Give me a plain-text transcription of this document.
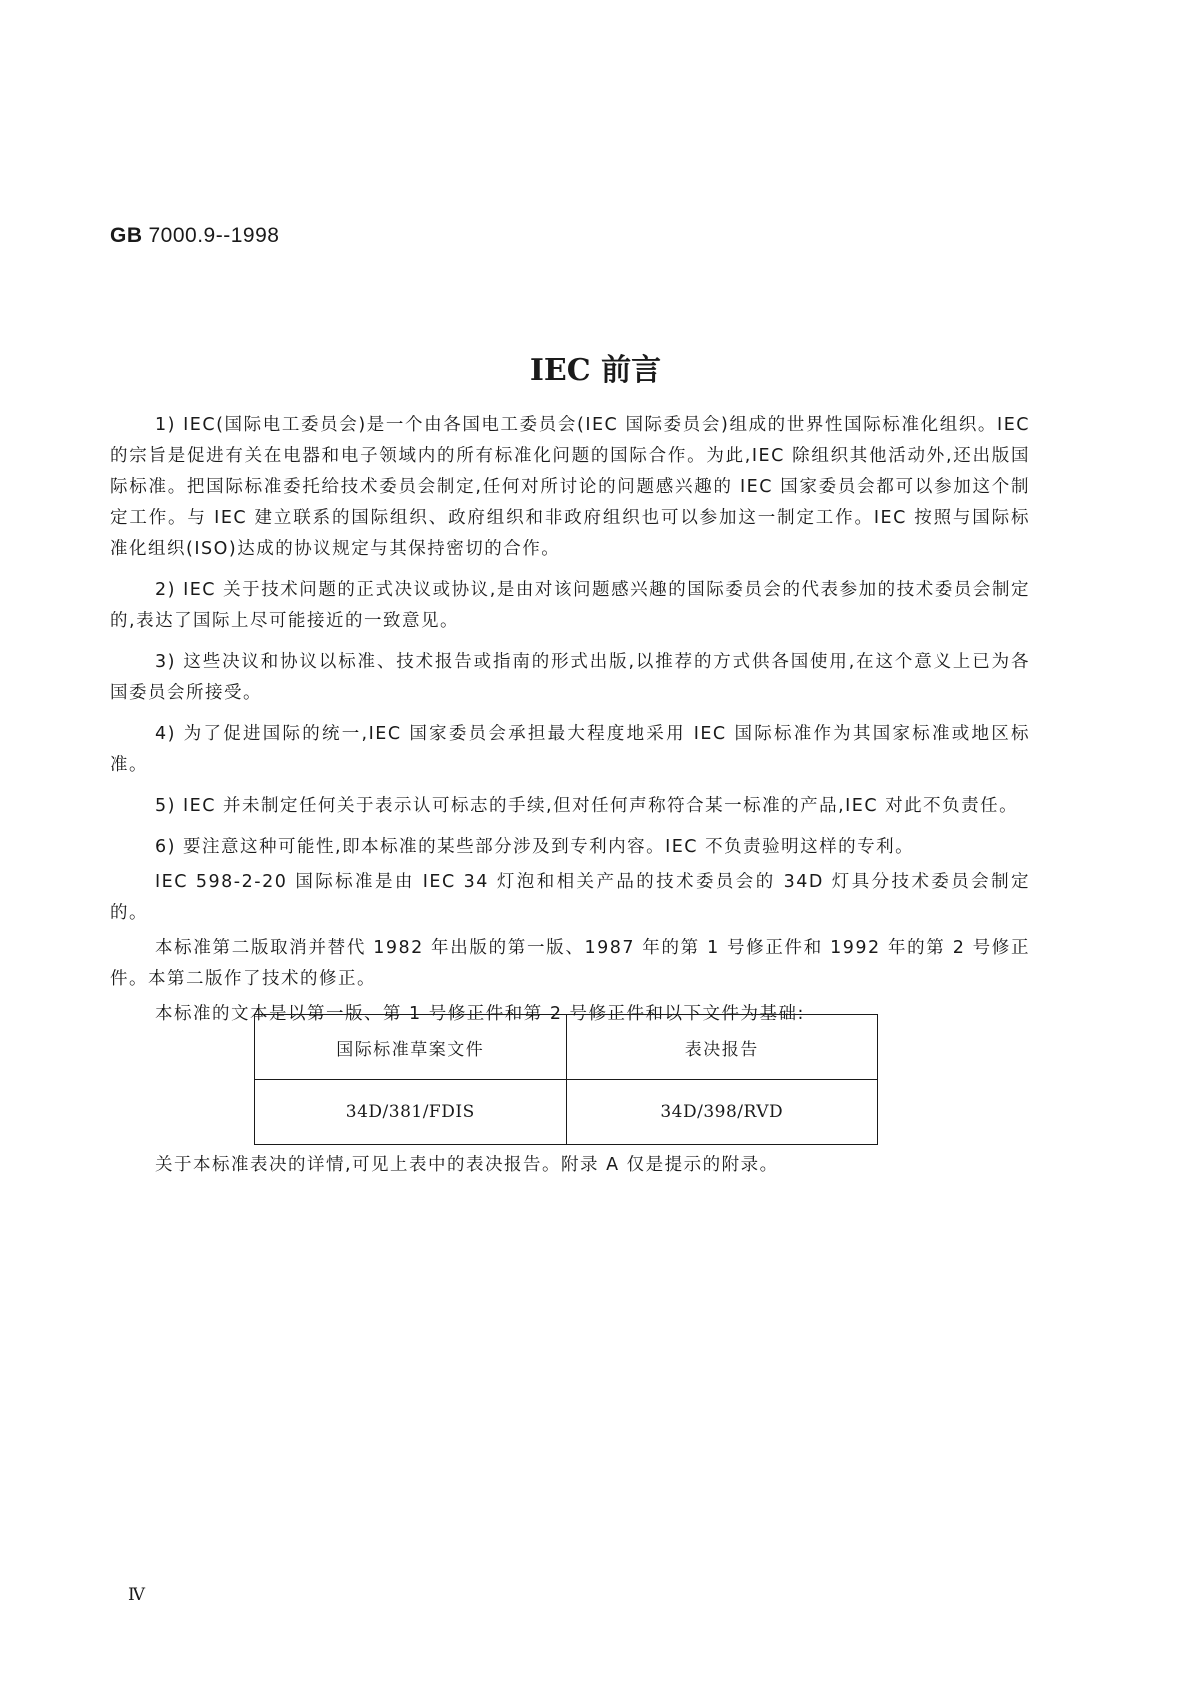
GB 7000.9--1998
IEC 前言

1) IEC(国际电工委员会)是一个由各国电工委员会(IEC 国际委员会)组成的世界性国际标准化组织。IEC 的宗旨是促进有关在电器和电子领域内的所有标准化问题的国际合作。为此,IEC 除组织其他活动外,还出版国际标准。把国际标准委托给技术委员会制定,任何对所讨论的问题感兴趣的 IEC 国家委员会都可以参加这个制定工作。与 IEC 建立联系的国际组织、政府组织和非政府组织也可以参加这一制定工作。IEC 按照与国际标准化组织(ISO)达成的协议规定与其保持密切的合作。

2) IEC 关于技术问题的正式决议或协议,是由对该问题感兴趣的国际委员会的代表参加的技术委员会制定的,表达了国际上尽可能接近的一致意见。

3) 这些决议和协议以标准、技术报告或指南的形式出版,以推荐的方式供各国使用,在这个意义上已为各国委员会所接受。

4) 为了促进国际的统一,IEC 国家委员会承担最大程度地采用 IEC 国际标准作为其国家标准或地区标准。

5) IEC 并未制定任何关于表示认可标志的手续,但对任何声称符合某一标准的产品,IEC 对此不负责任。

6) 要注意这种可能性,即本标准的某些部分涉及到专利内容。IEC 不负责验明这样的专利。

IEC 598-2-20 国际标准是由 IEC 34 灯泡和相关产品的技术委员会的 34D 灯具分技术委员会制定的。

本标准第二版取消并替代 1982 年出版的第一版、1987 年的第 1 号修正件和 1992 年的第 2 号修正件。本第二版作了技术的修正。

本标准的文本是以第一版、第 1 号修正件和第 2 号修正件和以下文件为基础:

国际标准草案文件	表决报告
34D/381/FDIS	34D/398/RVD
关于本标准表决的详情,可见上表中的表决报告。附录 A 仅是提示的附录。
Ⅳ
